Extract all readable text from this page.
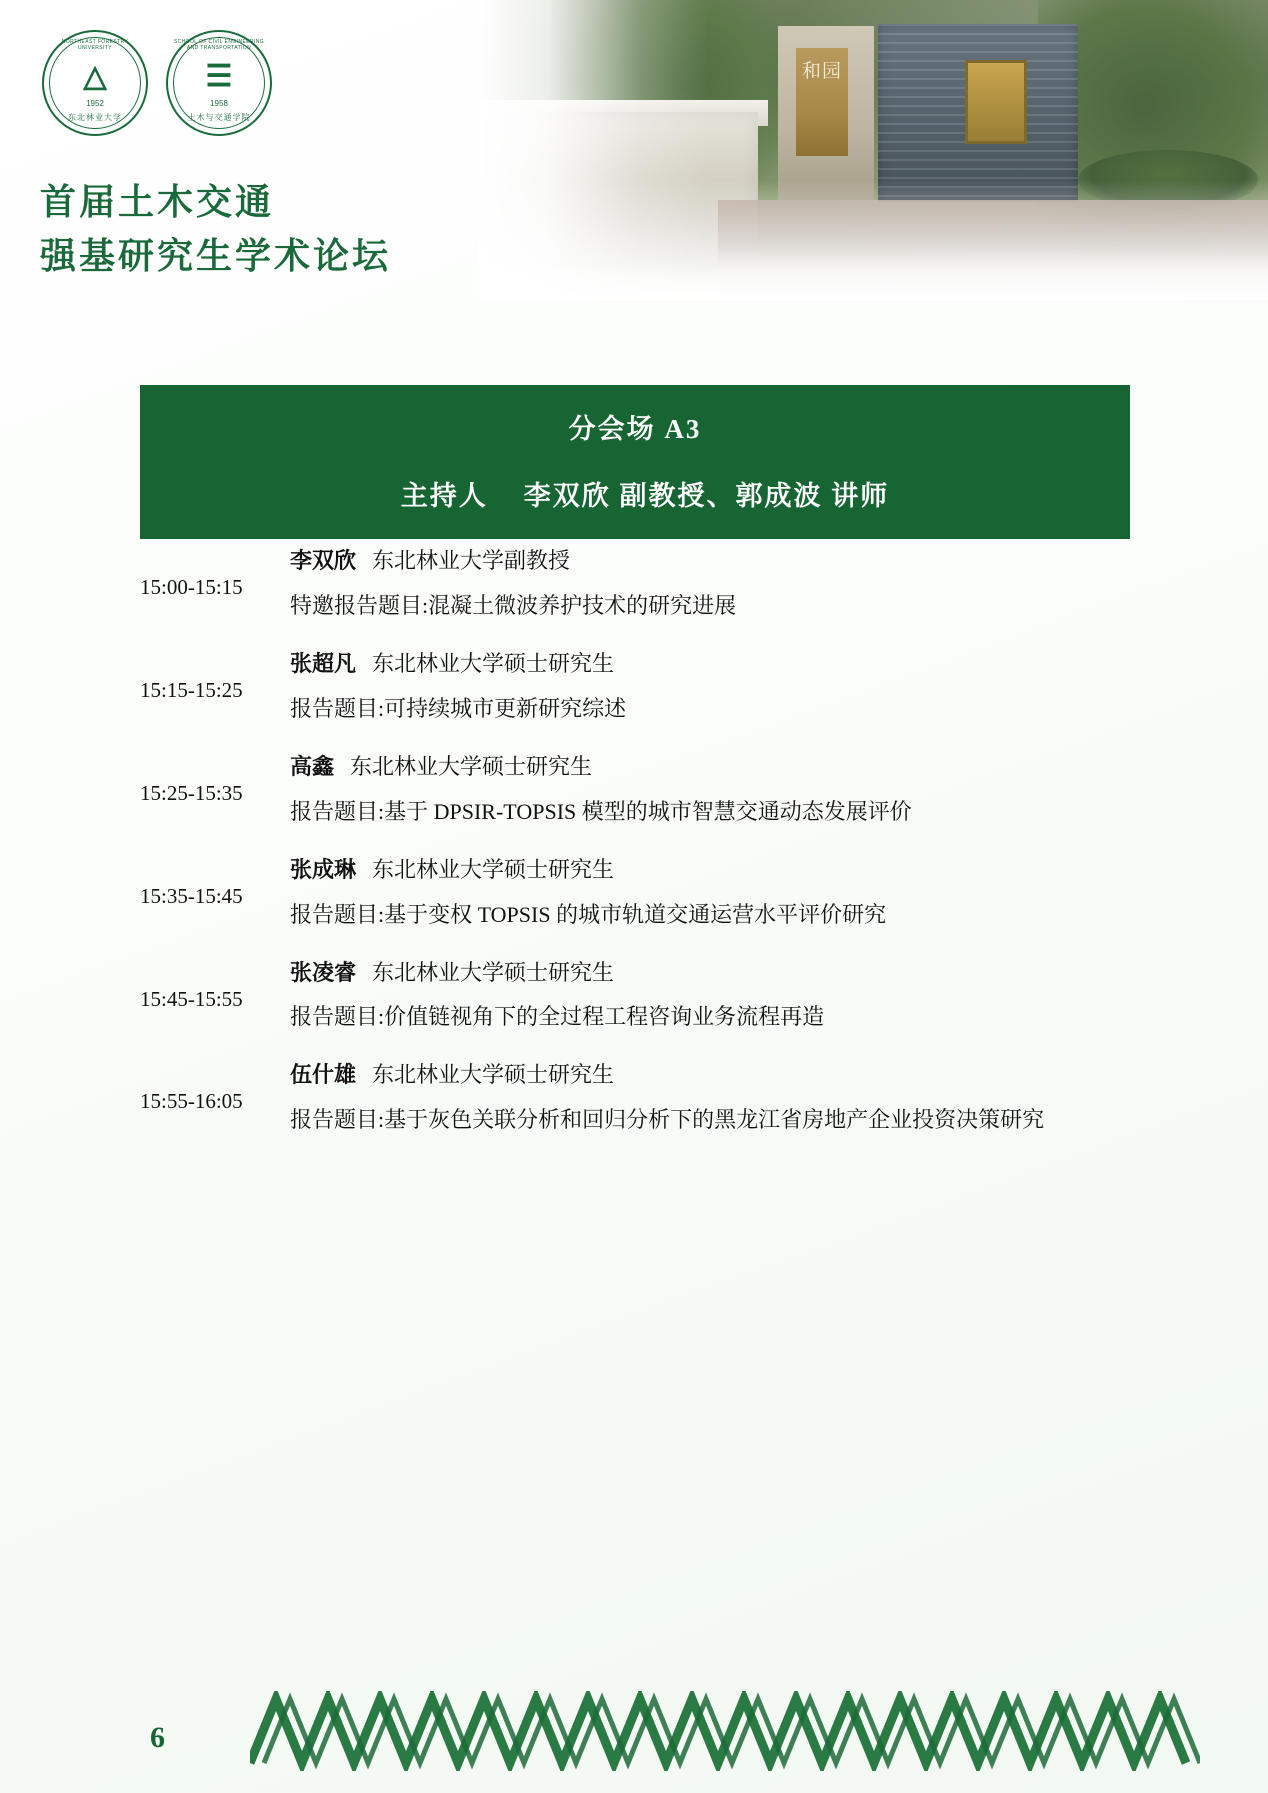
和园
NORTHEAST FORESTRY UNIVERSITY
△
1952
东北林业大学
SCHOOL OF CIVIL ENGINEERING AND TRANSPORTATION
☰
1958
土木与交通学院
首届土木交通
强基研究生学术论坛
分会场 A3
主持人 李双欣 副教授、郭成波 讲师
15:00-15:15
李双欣 东北林业大学副教授
特邀报告题目:混凝土微波养护技术的研究进展
15:15-15:25
张超凡 东北林业大学硕士研究生
报告题目:可持续城市更新研究综述
15:25-15:35
高鑫 东北林业大学硕士研究生
报告题目:基于 DPSIR-TOPSIS 模型的城市智慧交通动态发展评价
15:35-15:45
张成琳 东北林业大学硕士研究生
报告题目:基于变权 TOPSIS 的城市轨道交通运营水平评价研究
15:45-15:55
张凌睿 东北林业大学硕士研究生
报告题目:价值链视角下的全过程工程咨询业务流程再造
15:55-16:05
伍什雄 东北林业大学硕士研究生
报告题目:基于灰色关联分析和回归分析下的黑龙江省房地产企业投资决策研究
6
